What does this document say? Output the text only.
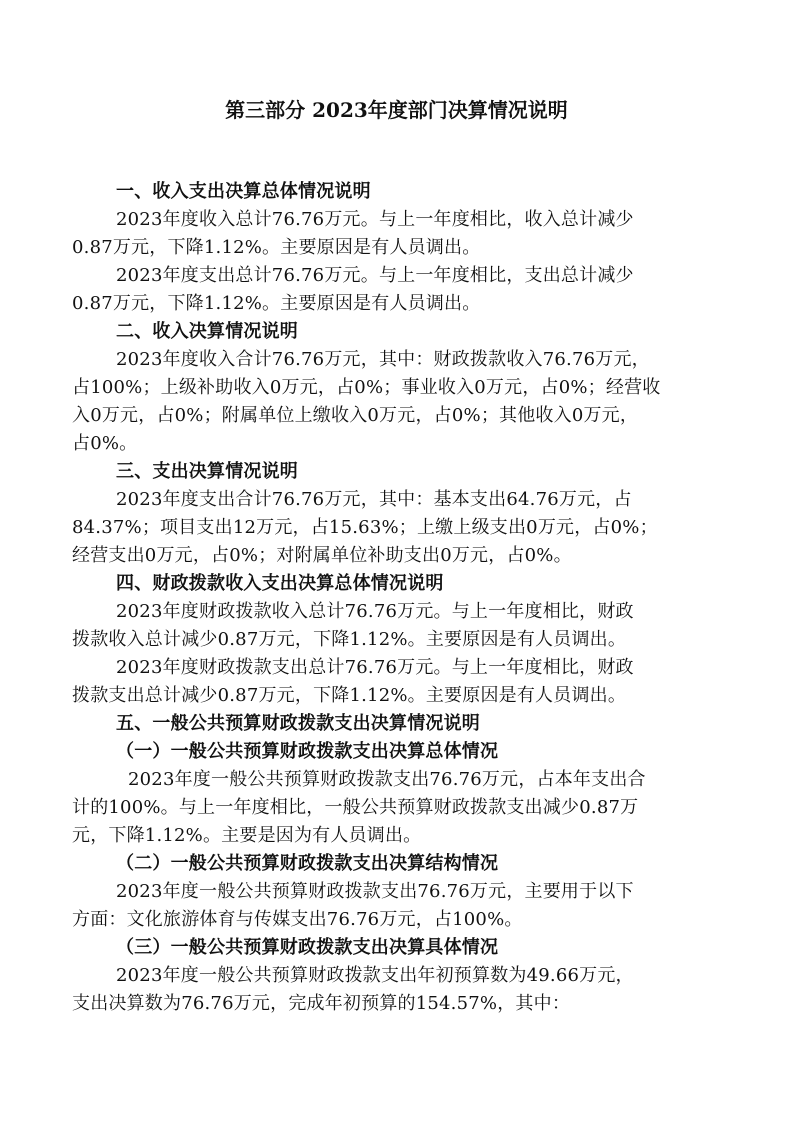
第三部分 2023年度部门决算情况说明
一、收入支出决算总体情况说明
2023年度收入总计76.76万元。与上一年度相比，收入总计减少
0.87万元，下降1.12%。主要原因是有人员调出。
2023年度支出总计76.76万元。与上一年度相比，支出总计减少
0.87万元，下降1.12%。主要原因是有人员调出。
二、收入决算情况说明
2023年度收入合计76.76万元，其中：财政拨款收入76.76万元，
占100%；上级补助收入0万元，占0%；事业收入0万元，占0%；经营收
入0万元，占0%；附属单位上缴收入0万元，占0%；其他收入0万元，
占0%。
三、支出决算情况说明
2023年度支出合计76.76万元，其中：基本支出64.76万元，占
84.37%；项目支出12万元，占15.63%；上缴上级支出0万元，占0%；
经营支出0万元，占0%；对附属单位补助支出0万元，占0%。
四、财政拨款收入支出决算总体情况说明
2023年度财政拨款收入总计76.76万元。与上一年度相比，财政
拨款收入总计减少0.87万元，下降1.12%。主要原因是有人员调出。
2023年度财政拨款支出总计76.76万元。与上一年度相比，财政
拨款支出总计减少0.87万元，下降1.12%。主要原因是有人员调出。
五、一般公共预算财政拨款支出决算情况说明
（一）一般公共预算财政拨款支出决算总体情况
2023年度一般公共预算财政拨款支出76.76万元，占本年支出合
计的100%。与上一年度相比，一般公共预算财政拨款支出减少0.87万
元，下降1.12%。主要是因为有人员调出。
（二）一般公共预算财政拨款支出决算结构情况
2023年度一般公共预算财政拨款支出76.76万元，主要用于以下
方面：文化旅游体育与传媒支出76.76万元，占100%。
（三）一般公共预算财政拨款支出决算具体情况
2023年度一般公共预算财政拨款支出年初预算数为49.66万元，
支出决算数为76.76万元，完成年初预算的154.57%，其中：
